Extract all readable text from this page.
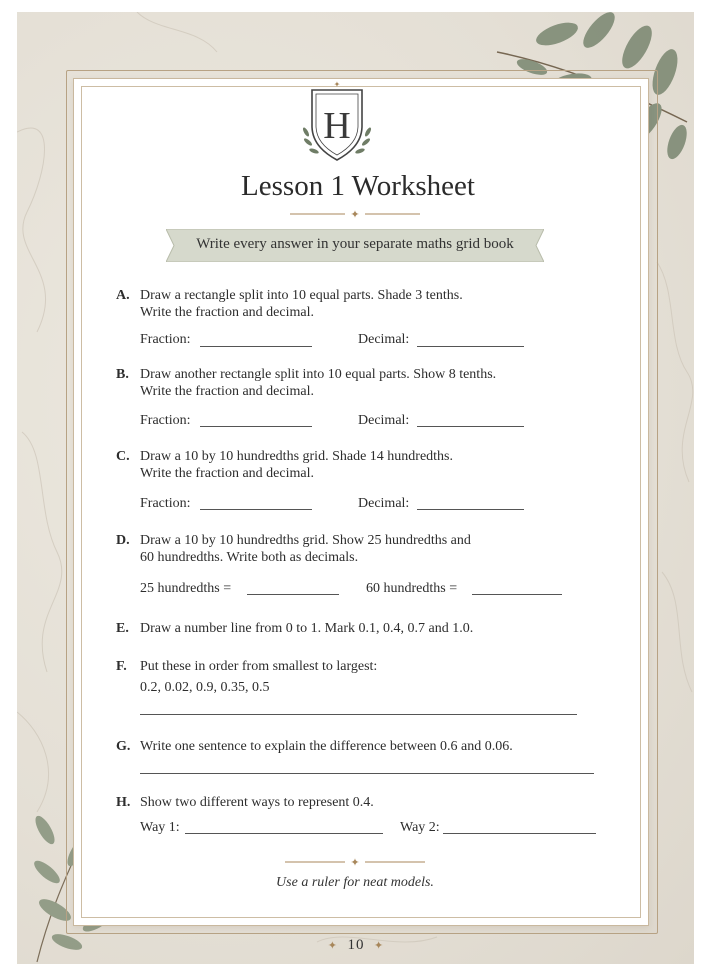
✦
H
Lesson 1 Worksheet
✦
Write every answer in your separate maths grid book
A. Draw a rectangle split into 10 equal parts. Shade 3 tenths.
Write the fraction and decimal.
Fraction:	Decimal:
B. Draw another rectangle split into 10 equal parts. Show 8 tenths.
Write the fraction and decimal.
Fraction:	Decimal:
C. Draw a 10 by 10 hundredths grid. Shade 14 hundredths.
Write the fraction and decimal.
Fraction:	Decimal:
D. Draw a 10 by 10 hundredths grid. Show 25 hundredths and
60 hundredths. Write both as decimals.
25 hundredths =	60 hundredths =
E. Draw a number line from 0 to 1. Mark 0.1, 0.4, 0.7 and 1.0.
F. Put these in order from smallest to largest:
0.2, 0.02, 0.9, 0.35, 0.5
G. Write one sentence to explain the difference between 0.6 and 0.06.
H. Show two different ways to represent 0.4.
Way 1:	Way 2:
✦
Use a ruler for neat models.
✦ 10 ✦
